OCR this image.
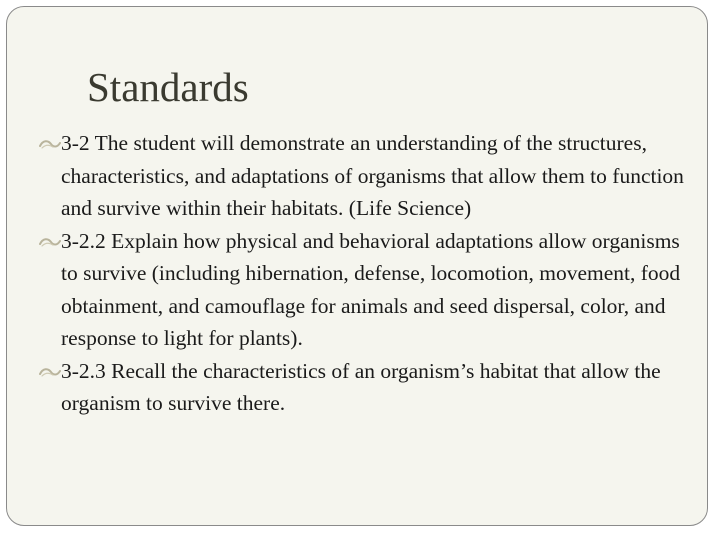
Standards
3-2 The student will demonstrate an understanding of the structures, characteristics, and adaptations of organisms that allow them to function and survive within their habitats. (Life Science)
3-2.2 Explain how physical and behavioral adaptations allow organisms to survive (including hibernation, defense, locomotion, movement, food obtainment, and camouflage for animals and seed dispersal, color, and response to light for plants).
3-2.3 Recall the characteristics of an organism’s habitat that allow the organism to survive there.
